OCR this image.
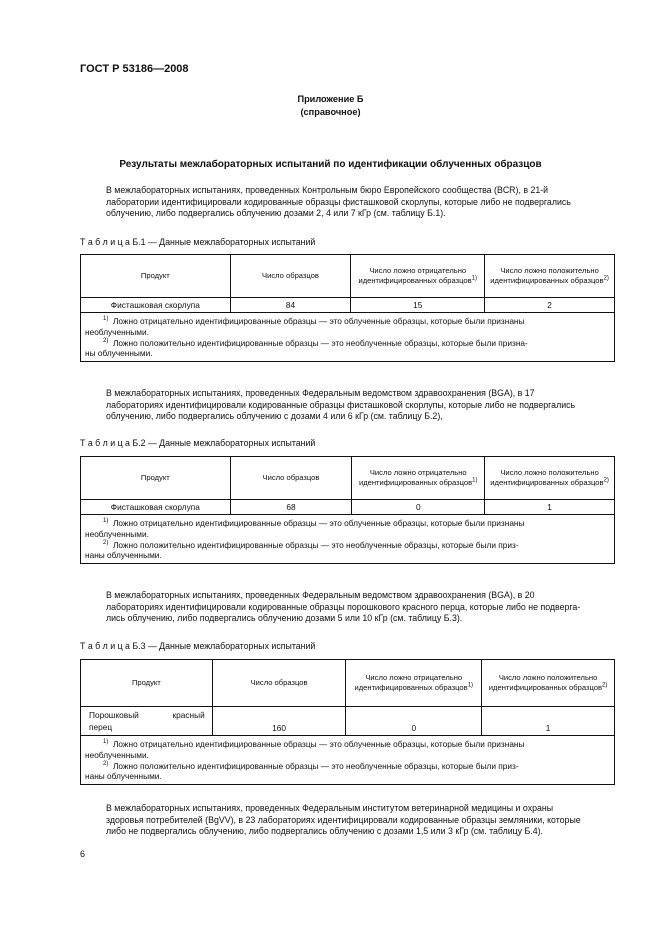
ГОСТ Р 53186—2008
Приложение Б
(справочное)
Результаты межлабораторных испытаний по идентификации облученных образцов
В межлабораторных испытаниях, проведенных Контрольным бюро Европейского сообщества (BCR), в 21-й
лаборатории идентифицировали кодированные образцы фисташковой скорлупы, которые либо не подвергались
облучению, либо подвергались облучению дозами 2, 4 или 7 кГр (см. таблицу Б.1).
Т а б л и ц а Б.1 — Данные межлабораторных испытаний
Продукт	Число образцов	Число ложно отрицательно идентифицированных образцов$^{1)}$	Число ложно положительно идентифицированных образцов$^{2)}$
Фисташковая скорлупа	84	15	2

$^{1)}$ Ложно отрицательно идентифицированные образцы — это облученные образцы, которые были признаны
необлученными.
$^{2)}$ Ложно положительно идентифицированные образцы — это необлученные образцы, которые были призна-
ны облученными.			
В межлабораторных испытаниях, проведенных Федеральным ведомством здравоохранения (BGA), в 17
лабораториях идентифицировали кодированные образцы фисташковой скорлупы, которые либо не подвергались
облучению, либо подвергались облучению с дозами 4 или 6 кГр (см. таблицу Б.2),
Т а б л и ц а Б.2 — Данные межлабораторных испытаний
Продукт	Число образцов	Число ложно отрицательно идентифицированных образцов$^{1)}$	Число ложно положительно идентифицированных образцов$^{2)}$
Фисташковая скорлупа	68	0	1

$^{1)}$ Ложно отрицательно идентифицированные образцы — это облученные образцы, которые были признаны
необлученными.
$^{2)}$ Ложно положительно идентифицированные образцы — это необлученные образцы, которые были приз-
наны облученными.			
В межлабораторных испытаниях, проведенных Федеральным ведомством здравоохранения (BGA), в 20
лабораториях идентифицировали кодированные образцы порошкового красного перца, которые либо не подверга-
лись облучению, либо подвергались облучению дозами 5 или 10 кГр (см. таблицу Б.3).
Т а б л и ц а Б.3 — Данные межлабораторных испытаний
Продукт	Число образцов	Число ложно отрицательно идентифицированных образцов$^{1)}$	Число ложно положительно идентифицированных образцов$^{2)}$

Порошковый красный
перец	160	0	1

$^{1)}$ Ложно отрицательно идентифицированные образцы — это облученные образцы, которые были признаны
необлученными.
$^{2)}$ Ложно положительно идентифицированные образцы — это необлученные образцы, которые были приз-
наны облученными.			
В межлабораторных испытаниях, проведенных Федеральным институтом ветеринарной медицины и охраны
здоровья потребителей (BgVV), в 23 лабораториях идентифицировали кодированные образцы земляники, которые
либо не подвергались облучению, либо подвергались облучению с дозами 1,5 или 3 кГр (см. таблицу Б.4).
6
